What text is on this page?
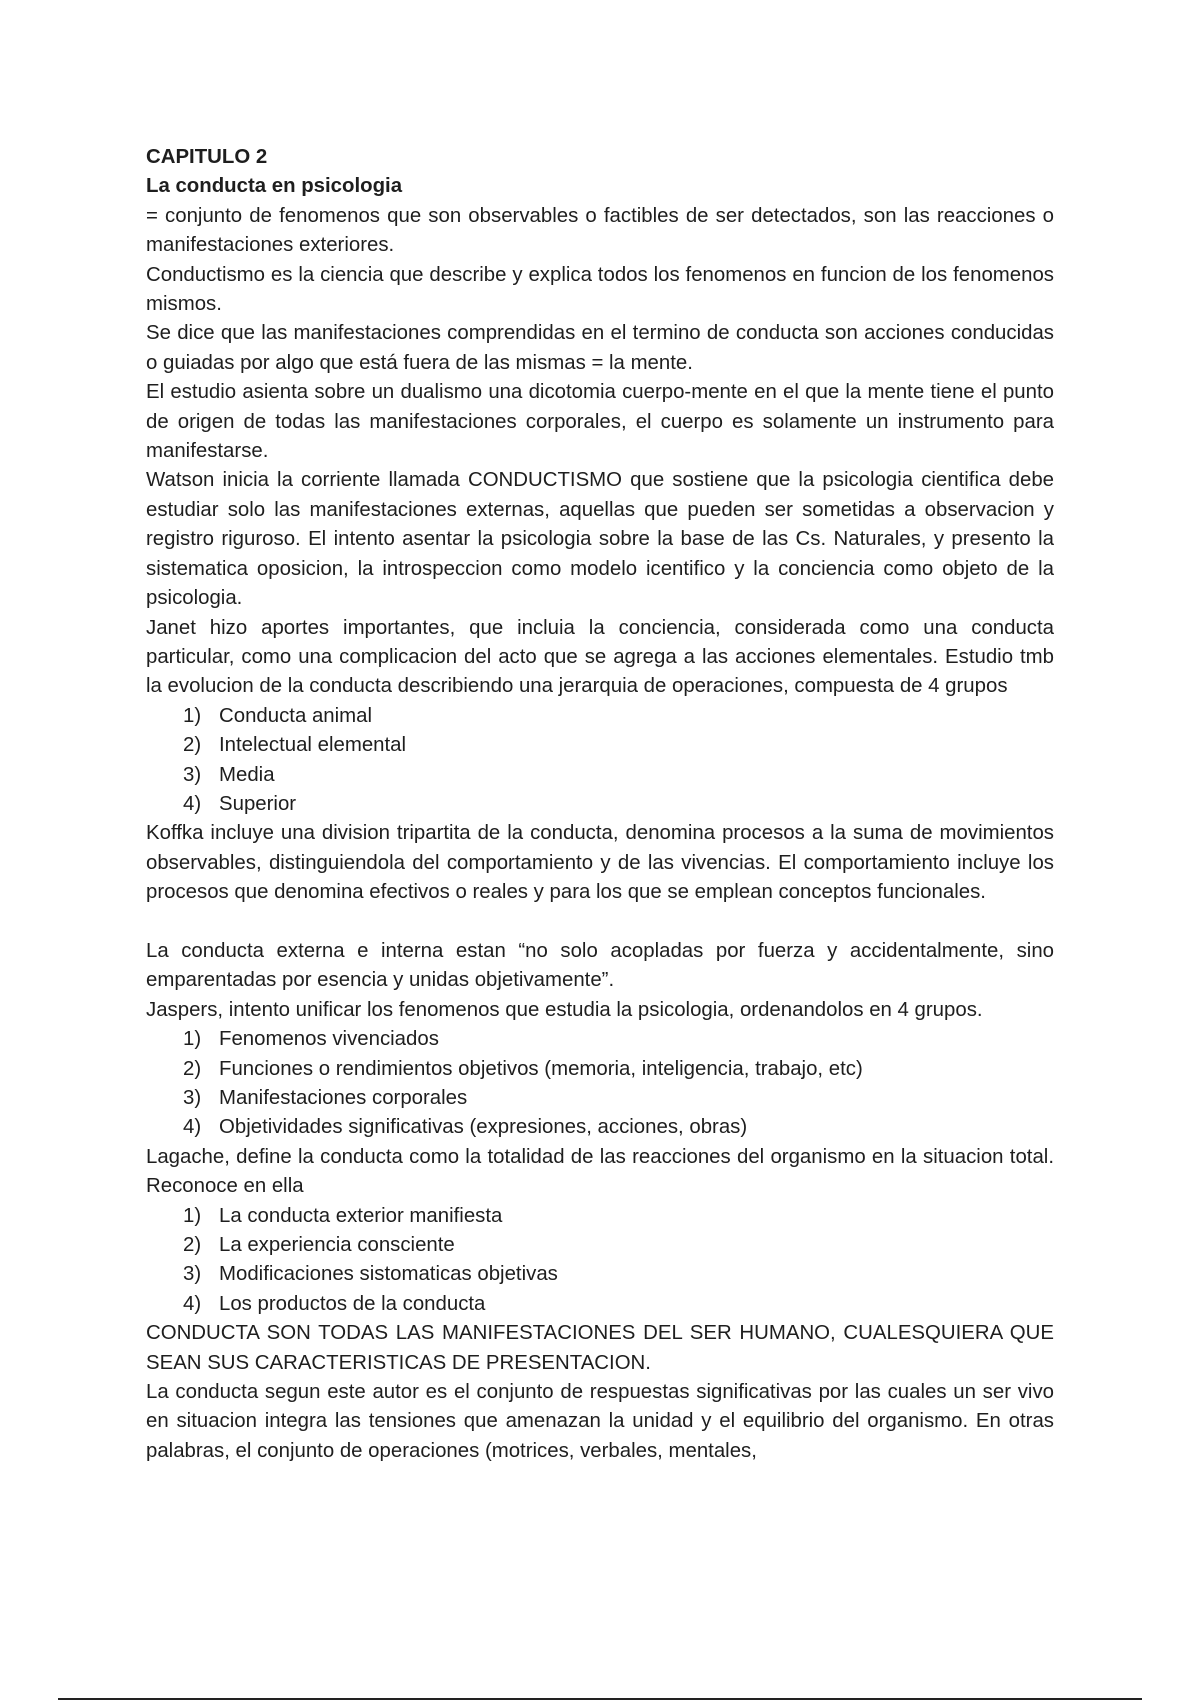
CAPITULO 2

La conducta en psicologia

= conjunto de fenomenos que son observables o factibles de ser detectados, son las reacciones o manifestaciones exteriores.

Conductismo es la ciencia que describe y explica todos los fenomenos en funcion de los fenomenos mismos.

Se dice que las manifestaciones comprendidas en el termino de conducta son acciones conducidas o guiadas por algo que está fuera de las mismas = la mente.

El estudio asienta sobre un dualismo una dicotomia cuerpo-mente en el que la mente tiene el punto de origen de todas las manifestaciones corporales, el cuerpo es solamente un instrumento para manifestarse.

Watson inicia la corriente llamada CONDUCTISMO que sostiene que la psicologia cientifica debe estudiar solo las manifestaciones externas, aquellas que pueden ser sometidas a observacion y registro riguroso. El intento asentar la psicologia sobre la base de las Cs. Naturales, y presento la sistematica oposicion, la introspeccion como modelo icentifico y la conciencia como objeto de la psicologia.

Janet hizo aportes importantes, que incluia la conciencia, considerada como una conducta particular, como una complicacion del acto que se agrega a las acciones elementales. Estudio tmb la evolucion de la conducta describiendo una jerarquia de operaciones, compuesta de 4 grupos

1) Conducta animal
2) Intelectual elemental
3) Media
4) Superior

Koffka incluye una division tripartita de la conducta, denomina procesos a la suma de movimientos observables, distinguiendola del comportamiento y de las vivencias. El comportamiento incluye los procesos que denomina efectivos o reales y para los que se emplean conceptos funcionales.

La conducta externa e interna estan “no solo acopladas por fuerza y accidentalmente, sino emparentadas por esencia y unidas objetivamente”.

Jaspers, intento unificar los fenomenos que estudia la psicologia, ordenandolos en 4 grupos.

1) Fenomenos vivenciados
2) Funciones o rendimientos objetivos (memoria, inteligencia, trabajo, etc)
3) Manifestaciones corporales
4) Objetividades significativas (expresiones, acciones, obras)

Lagache, define la conducta como la totalidad de las reacciones del organismo en la situacion total. Reconoce en ella

1) La conducta exterior manifiesta
2) La experiencia consciente
3) Modificaciones sistomaticas objetivas
4) Los productos de la conducta

CONDUCTA SON TODAS LAS MANIFESTACIONES DEL SER HUMANO, CUALESQUIERA QUE SEAN SUS CARACTERISTICAS DE PRESENTACION.

La conducta segun este autor es el conjunto de respuestas significativas por las cuales un ser vivo en situacion integra las tensiones que amenazan la unidad y el equilibrio del organismo. En otras palabras, el conjunto de operaciones (motrices, verbales, mentales,
